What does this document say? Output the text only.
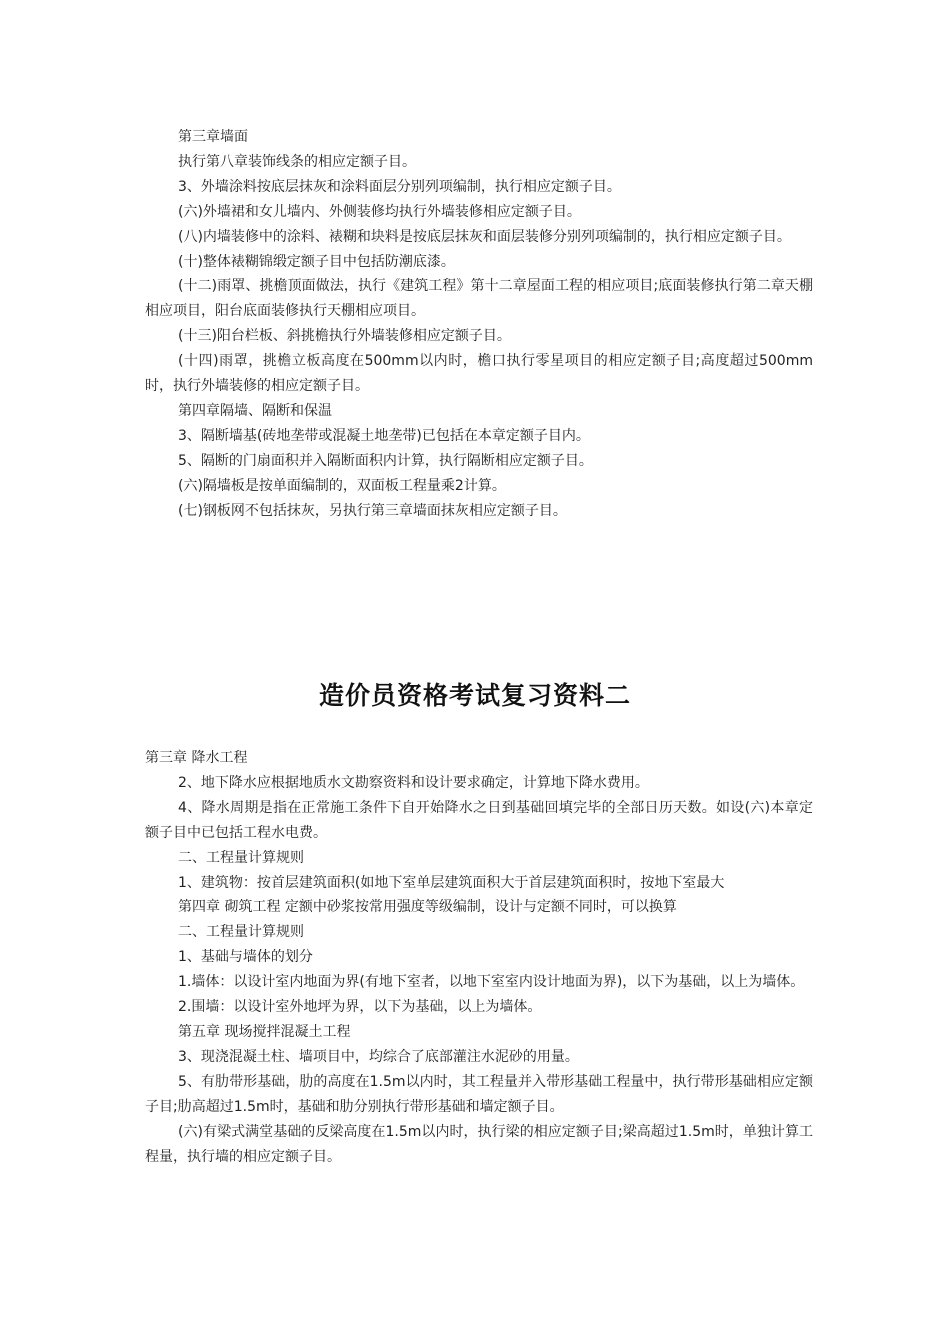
第三章墙面

执行第八章装饰线条的相应定额子目。

3、外墙涂料按底层抹灰和涂料面层分别列项编制，执行相应定额子目。

(六)外墙裙和女儿墙内、外侧装修均执行外墙装修相应定额子目。

(八)内墙装修中的涂料、裱糊和块料是按底层抹灰和面层装修分别列项编制的，执行相应定额子目。

(十)整体裱糊锦缎定额子目中包括防潮底漆。

(十二)雨罩、挑檐顶面做法，执行《建筑工程》第十二章屋面工程的相应项目;底面装修执行第二章天棚相应项目，阳台底面装修执行天棚相应项目。

(十三)阳台栏板、斜挑檐执行外墙装修相应定额子目。

(十四)雨罩，挑檐立板高度在500mm以内时，檐口执行零星项目的相应定额子目;高度超过500mm时，执行外墙装修的相应定额子目。

第四章隔墙、隔断和保温

3、隔断墙基(砖地垄带或混凝土地垄带)已包括在本章定额子目内。

5、隔断的门扇面积并入隔断面积内计算，执行隔断相应定额子目。

(六)隔墙板是按单面编制的，双面板工程量乘2计算。

(七)钢板网不包括抹灰，另执行第三章墙面抹灰相应定额子目。

造价员资格考试复习资料二

第三章 降水工程

2、地下降水应根据地质水文勘察资料和设计要求确定，计算地下降水费用。

4、降水周期是指在正常施工条件下自开始降水之日到基础回填完毕的全部日历天数。如设(六)本章定额子目中已包括工程水电费。

二、工程量计算规则

1、建筑物：按首层建筑面积(如地下室单层建筑面积大于首层建筑面积时，按地下室最大

第四章 砌筑工程 定额中砂浆按常用强度等级编制，设计与定额不同时，可以换算

二、工程量计算规则

1、基础与墙体的划分

1.墙体：以设计室内地面为界(有地下室者，以地下室室内设计地面为界)，以下为基础，以上为墙体。

2.围墙：以设计室外地坪为界，以下为基础，以上为墙体。

第五章 现场搅拌混凝土工程

3、现浇混凝土柱、墙项目中，均综合了底部灌注水泥砂的用量。

5、有肋带形基础，肋的高度在1.5m以内时，其工程量并入带形基础工程量中，执行带形基础相应定额子目;肋高超过1.5m时，基础和肋分别执行带形基础和墙定额子目。

(六)有梁式满堂基础的反梁高度在1.5m以内时，执行梁的相应定额子目;梁高超过1.5m时，单独计算工程量，执行墙的相应定额子目。
